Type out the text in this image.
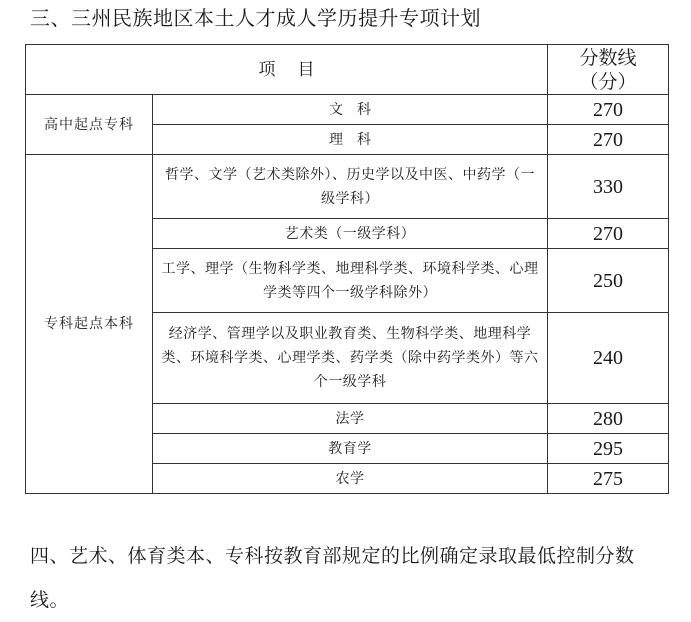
三、三州民族地区本土人才成人学历提升专项计划
项目		分数线
（分）

高中起点专科	文科	270
	理科	270
专科起点本科	哲学、文学（艺术类除外）、历史学以及中医、中药学（一级学科）	330
	艺术类（一级学科）	270
	工学、理学（生物科学类、地理科学类、环境科学类、心理学类等四个一级学科除外）	250
	经济学、管理学以及职业教育类、生物科学类、地理科学类、环境科学类、心理学类、药学类（除中药学类外）等六个一级学科	240
	法学	280
	教育学	295
	农学	275

四、艺术、体育类本、专科按教育部规定的比例确定录取最低控制分数线。
